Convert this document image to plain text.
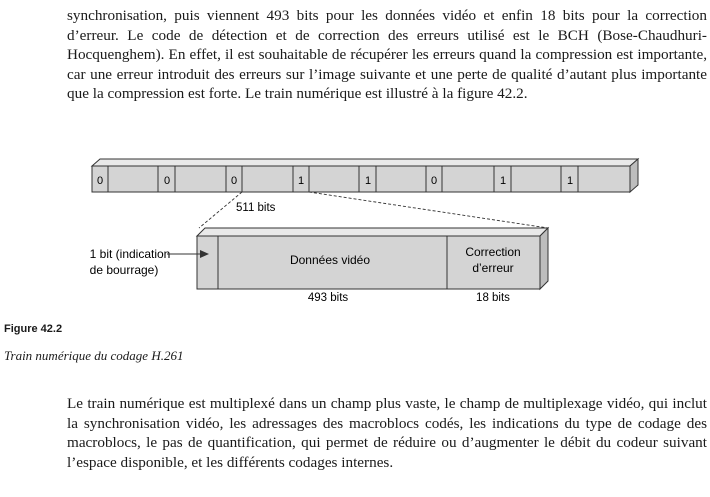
synchronisation, puis viennent 493 bits pour les données vidéo et enfin 18 bits pour la correction d’erreur. Le code de détection et de correction des erreurs utilisé est le BCH (Bose-Chaudhuri-Hocquenghem). En effet, il est souhaitable de récupérer les erreurs quand la compression est importante, car une erreur introduit des erreurs sur l’image suivante et une perte de qualité d’autant plus importante que la compression est forte. Le train numérique est illustré à la figure 42.2.

0	0	0	1	1	0	1	1
511 bits
Données vidéo
Correction
d’erreur
1 bit (indication
de bourrage)
493 bits	18 bits

Figure 42.2

Train numérique du codage H.261

Le train numérique est multiplexé dans un champ plus vaste, le champ de multiplexage vidéo, qui inclut la synchronisation vidéo, les adressages des macroblocs codés, les indications du type de codage des macroblocs, le pas de quantification, qui permet de réduire ou d’augmenter le débit du codeur suivant l’espace disponible, et les différents codages internes.
